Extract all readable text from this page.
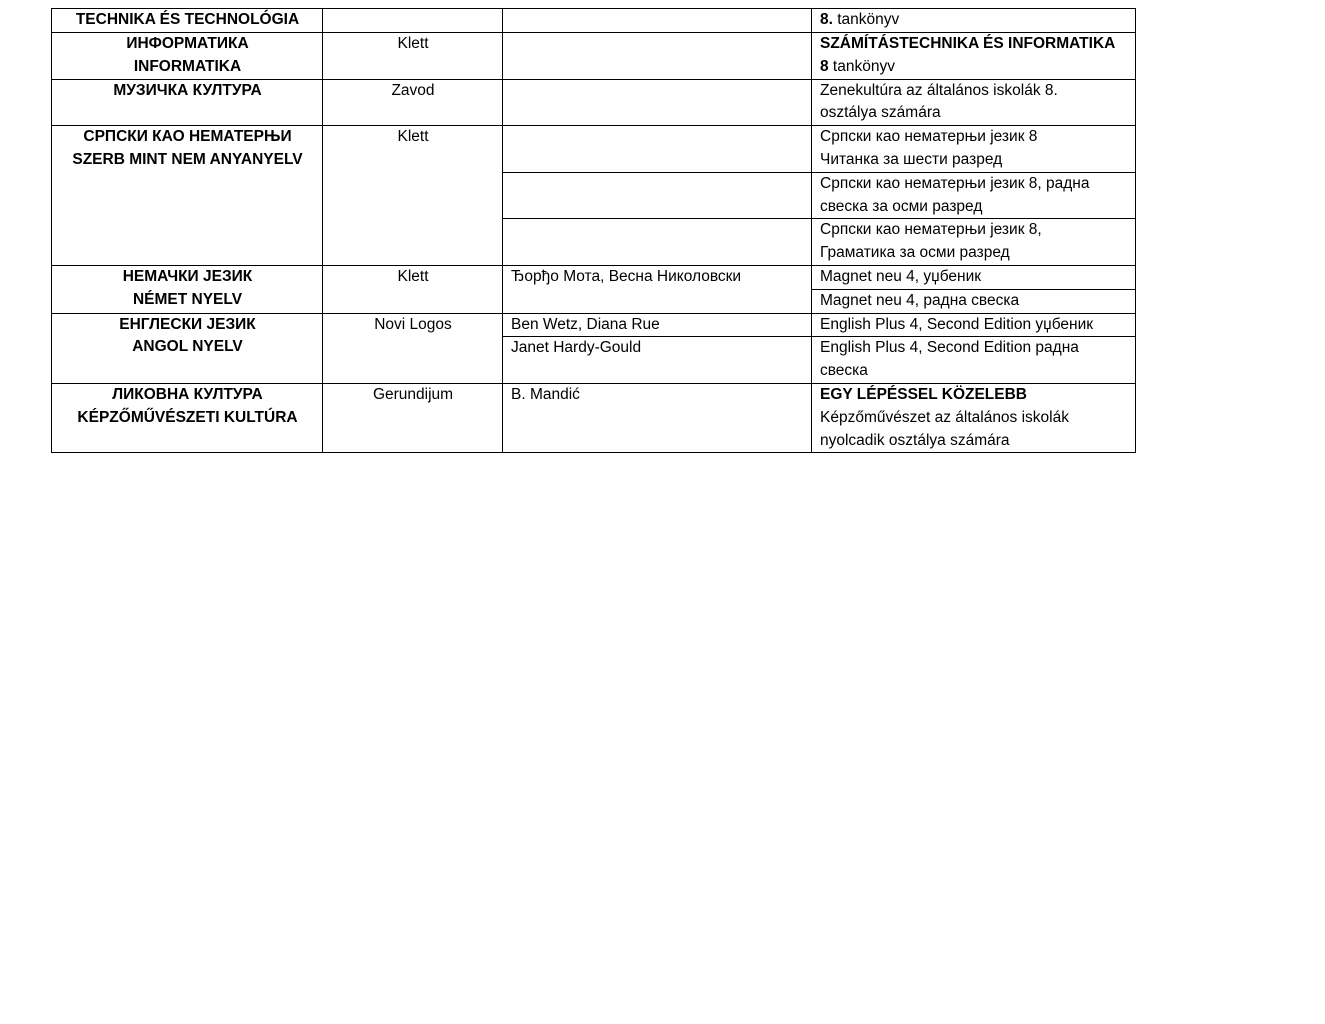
TECHNIKA ÉS TECHNOLÓGIA			8. tankönyv

ИНФОРМАТИКА
INFORMATIKA	Klett		SZÁMÍTÁSTECHNIKA ÉS INFORMATIKA
8 tankönyv

МУЗИЧКА КУЛТУРА	Zavod		Zenekultúra az általános iskolák 8.
osztálya számára

СРПСКИ КАО НЕМАТЕРЊИ
SZERB MINT NEM ANYANYELV	Klett		Српски као нематерњи језик 8
Читанка за шести разред

			Српски као нематерњи језик 8, радна
свеска за осми разред

			Српски као нематерњи језик 8,
Граматика за осми разред

НЕМАЧКИ ЈЕЗИК
NÉMET NYELV	Klett	Ђорђо Мота, Весна Николовски	Magnet neu 4, уџбеник

			Magnet neu 4, радна свеска

ЕНГЛЕСКИ ЈЕЗИК
ANGOL NYELV	Novi Logos	Ben Wetz, Diana Rue	English Plus 4, Second Edition уџбеник

		Janet Hardy-Gould	English Plus 4, Second Edition радна
свеска

ЛИКОВНА КУЛТУРА
KÉPZŐMŰVÉSZETI KULTÚRA	Gerundijum	B. Mandić	EGY LÉPÉSSEL KÖZELEBB
Képzőművészet az általános iskolák
nyolcadik osztálya számára
